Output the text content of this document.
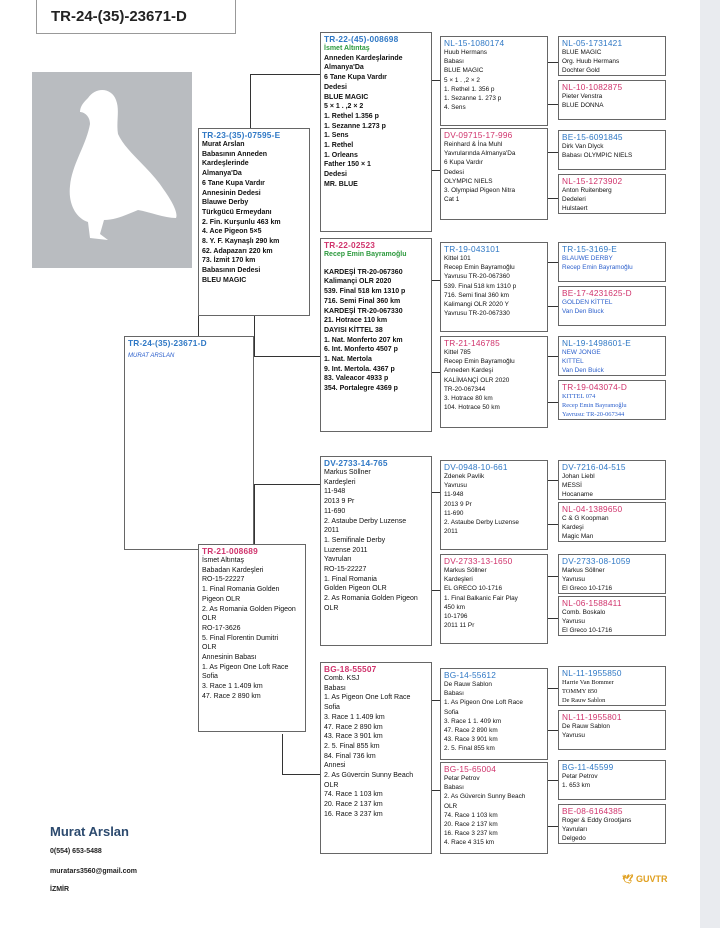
TR-24-(35)-23671-D
TR-24-(35)-23671-D
MURAT ARSLAN
TR-23-(35)-07595-E
Murat Arslan
Babasının Anneden
Kardeşlerinde
Almanya'Da
6 Tane Kupa Vardır
Annesinin Dedesi
Blauwe Derby
Türkgücü Ermeydanı
2. Fin. Kurşunlu 463 km
4. Ace Pigeon 5×5
8. Y. F. Kaynaşlı 290 km
62. Adapazarı 220 km
73. İzmit 170 km
Babasının Dedesi
BLEU MAGIC
TR-21-008689
İsmet Altıntaş
Babadan Kardeşleri
RO-15-22227
1. Final Romania Golden
Pigeon OLR
2. As Romania Golden Pigeon
OLR
RO-17-3626
5. Final Florentin Dumitri
OLR
Annesinin Babası
1. As Pigeon One Loft Race
Sofia
3. Race 1 1.409 km
47. Race 2 890 km
TR-22-(45)-008698
İsmet Altıntaş
Anneden Kardeşlarinde
Almanya'Da
6 Tane Kupa Vardır
Dedesi
BLUE MAGIC
5 × 1 . ,2 × 2
1. Rethel 1.356 p
1. Sezanne 1.273 p
1. Sens
1. Rethel
1. Orleans
Father 150 × 1
Dedesi
MR. BLUE
TR-22-02523
Recep Emin Bayramoğlu
KARDEŞİ TR-20-067360
Kalimançi OLR 2020
539. Final 518 km 1310 p
716. Semi Final 360 km
KARDEŞİ TR-20-067330
21. Hotrace 110 km
DAYISI KİTTEL 38
1. Nat. Monferto 207 km
6. Int. Monferto 4507 p
1. Nat. Mertola
9. Int. Mertola. 4367 p
83. Valeacor 4933 p
354. Portalegre 4369 p
DV-2733-14-765
Markus Söllner
Kardeşleri
11-948
2013 9 Pr
11-690
2. Astaube Derby Luzense
2011
1. Semifinale Derby
Luzense 2011
Yavruları
RO-15-22227
1. Final Romania
Golden Pigeon OLR
2. As Romania Golden Pigeon
OLR
BG-18-55507
Comb. KSJ
Babası
1. As Pigeon One Loft Race
Sofia
3. Race 1 1.409 km
47. Race 2 890 km
43. Race 3 901 km
2. 5. Final 855 km
84. Final 736 km
Annesi
2. As Güvercin Sunny Beach
OLR
74. Race 1 103 km
20. Race 2 137 km
16. Race 3 237 km
NL-15-1080174
Huub Hermans
Babası
BLUE MAGIC
5 × 1 . ,2 × 2
1. Rethel 1. 356 p
1. Sezanne 1. 273 p
4. Sens
DV-09715-17-996
Reinhard & İna Muhl
Yavrularında Almanya'Da
6 Kupa Vardır
Dedesi
OLYMPIC NIELS
3. Olympiad Pigeon Nitra
Cat 1
TR-19-043101
Kittel 101
Recep Emin Bayramoğlu
Yavrusu TR-20-067360
539. Final 518 km 1310 p
716. Semi final 360 km
Kalimangi OLR 2020 Y
Yavrusu TR-20-067330
TR-21-146785
Kittel 785
Recep Emin Bayramoğlu
Anneden Kardeşi
KALİMANÇİ OLR 2020
TR-20-067344
3. Hotrace 80 km
104. Hotrace 50 km
DV-0948-10-661
Zdenek Pavlik
Yavrusu
11-948
2013 9 Pr
11-690
2. Astaube Derby Luzense
2011
DV-2733-13-1650
Markus Söllner
Kardeşleri
EL GRECO 10-1716
1. Final Balkanic Fair Play
450 km
10-1796
2011 11 Pr
BG-14-55612
De Rauw Sablon
Babası
1. As Pigeon One Loft Race
Sofia
3. Race 1 1. 409 km
47. Race 2 890 km
43. Race 3 901 km
2. 5. Final 855 km
BG-15-65004
Petar Petrov
Babası
2. As Güvercin Sunny Beach
OLR
74. Race 1 103 km
20. Race 2 137 km
16. Race 3 237 km
4. Race 4 315 km
NL-05-1731421
BLUE MAGIC
Org. Huub Hermans
Dochter Gold
NL-10-1082875
Pieter Venstra
BLUE DONNA
BE-15-6091845
Dirk Van Dlyck
Babası OLYMPIC NIELS
NL-15-1273902
Anton Ruitenberg
Dedeleri
Hulstaert
TR-15-3169-E
BLAUWE DERBY
Recep Emin Bayramoğlu
BE-17-4231625-D
GOLDEN KİTTEL
Van Den Bluck
NL-19-1498601-E
NEW JONGE
KITTEL
Van Den Buick
TR-19-043074-D
KITTEL 074
Recep Emin Bayramoğlu
Yavrusu: TR-20-067344
DV-7216-04-515
Johan Liebl
MESSİ
Hocaname
NL-04-1389650
C & G Koopman
Kardeşi
Magic Man
DV-2733-08-1059
Markus Söllner
Yavrusu
El Greco 10-1716
NL-06-1588411
Comb. Boskalo
Yavrusu
El Greco 10-1716
NL-11-1955850
Harrie Van Bommer
TOMMY 850
De Rauw Sablon
NL-11-1955801
De Rauw Sablon
Yavrusu
BG-11-45599
Petar Petrov
1. 653 km
BE-08-6164385
Roger & Eddy Grootjans
Yavruları
Delgedo
Murat Arslan
0(554) 653-5488
muratars3560@gmail.com
İZMİR
🕊 GUVTR
